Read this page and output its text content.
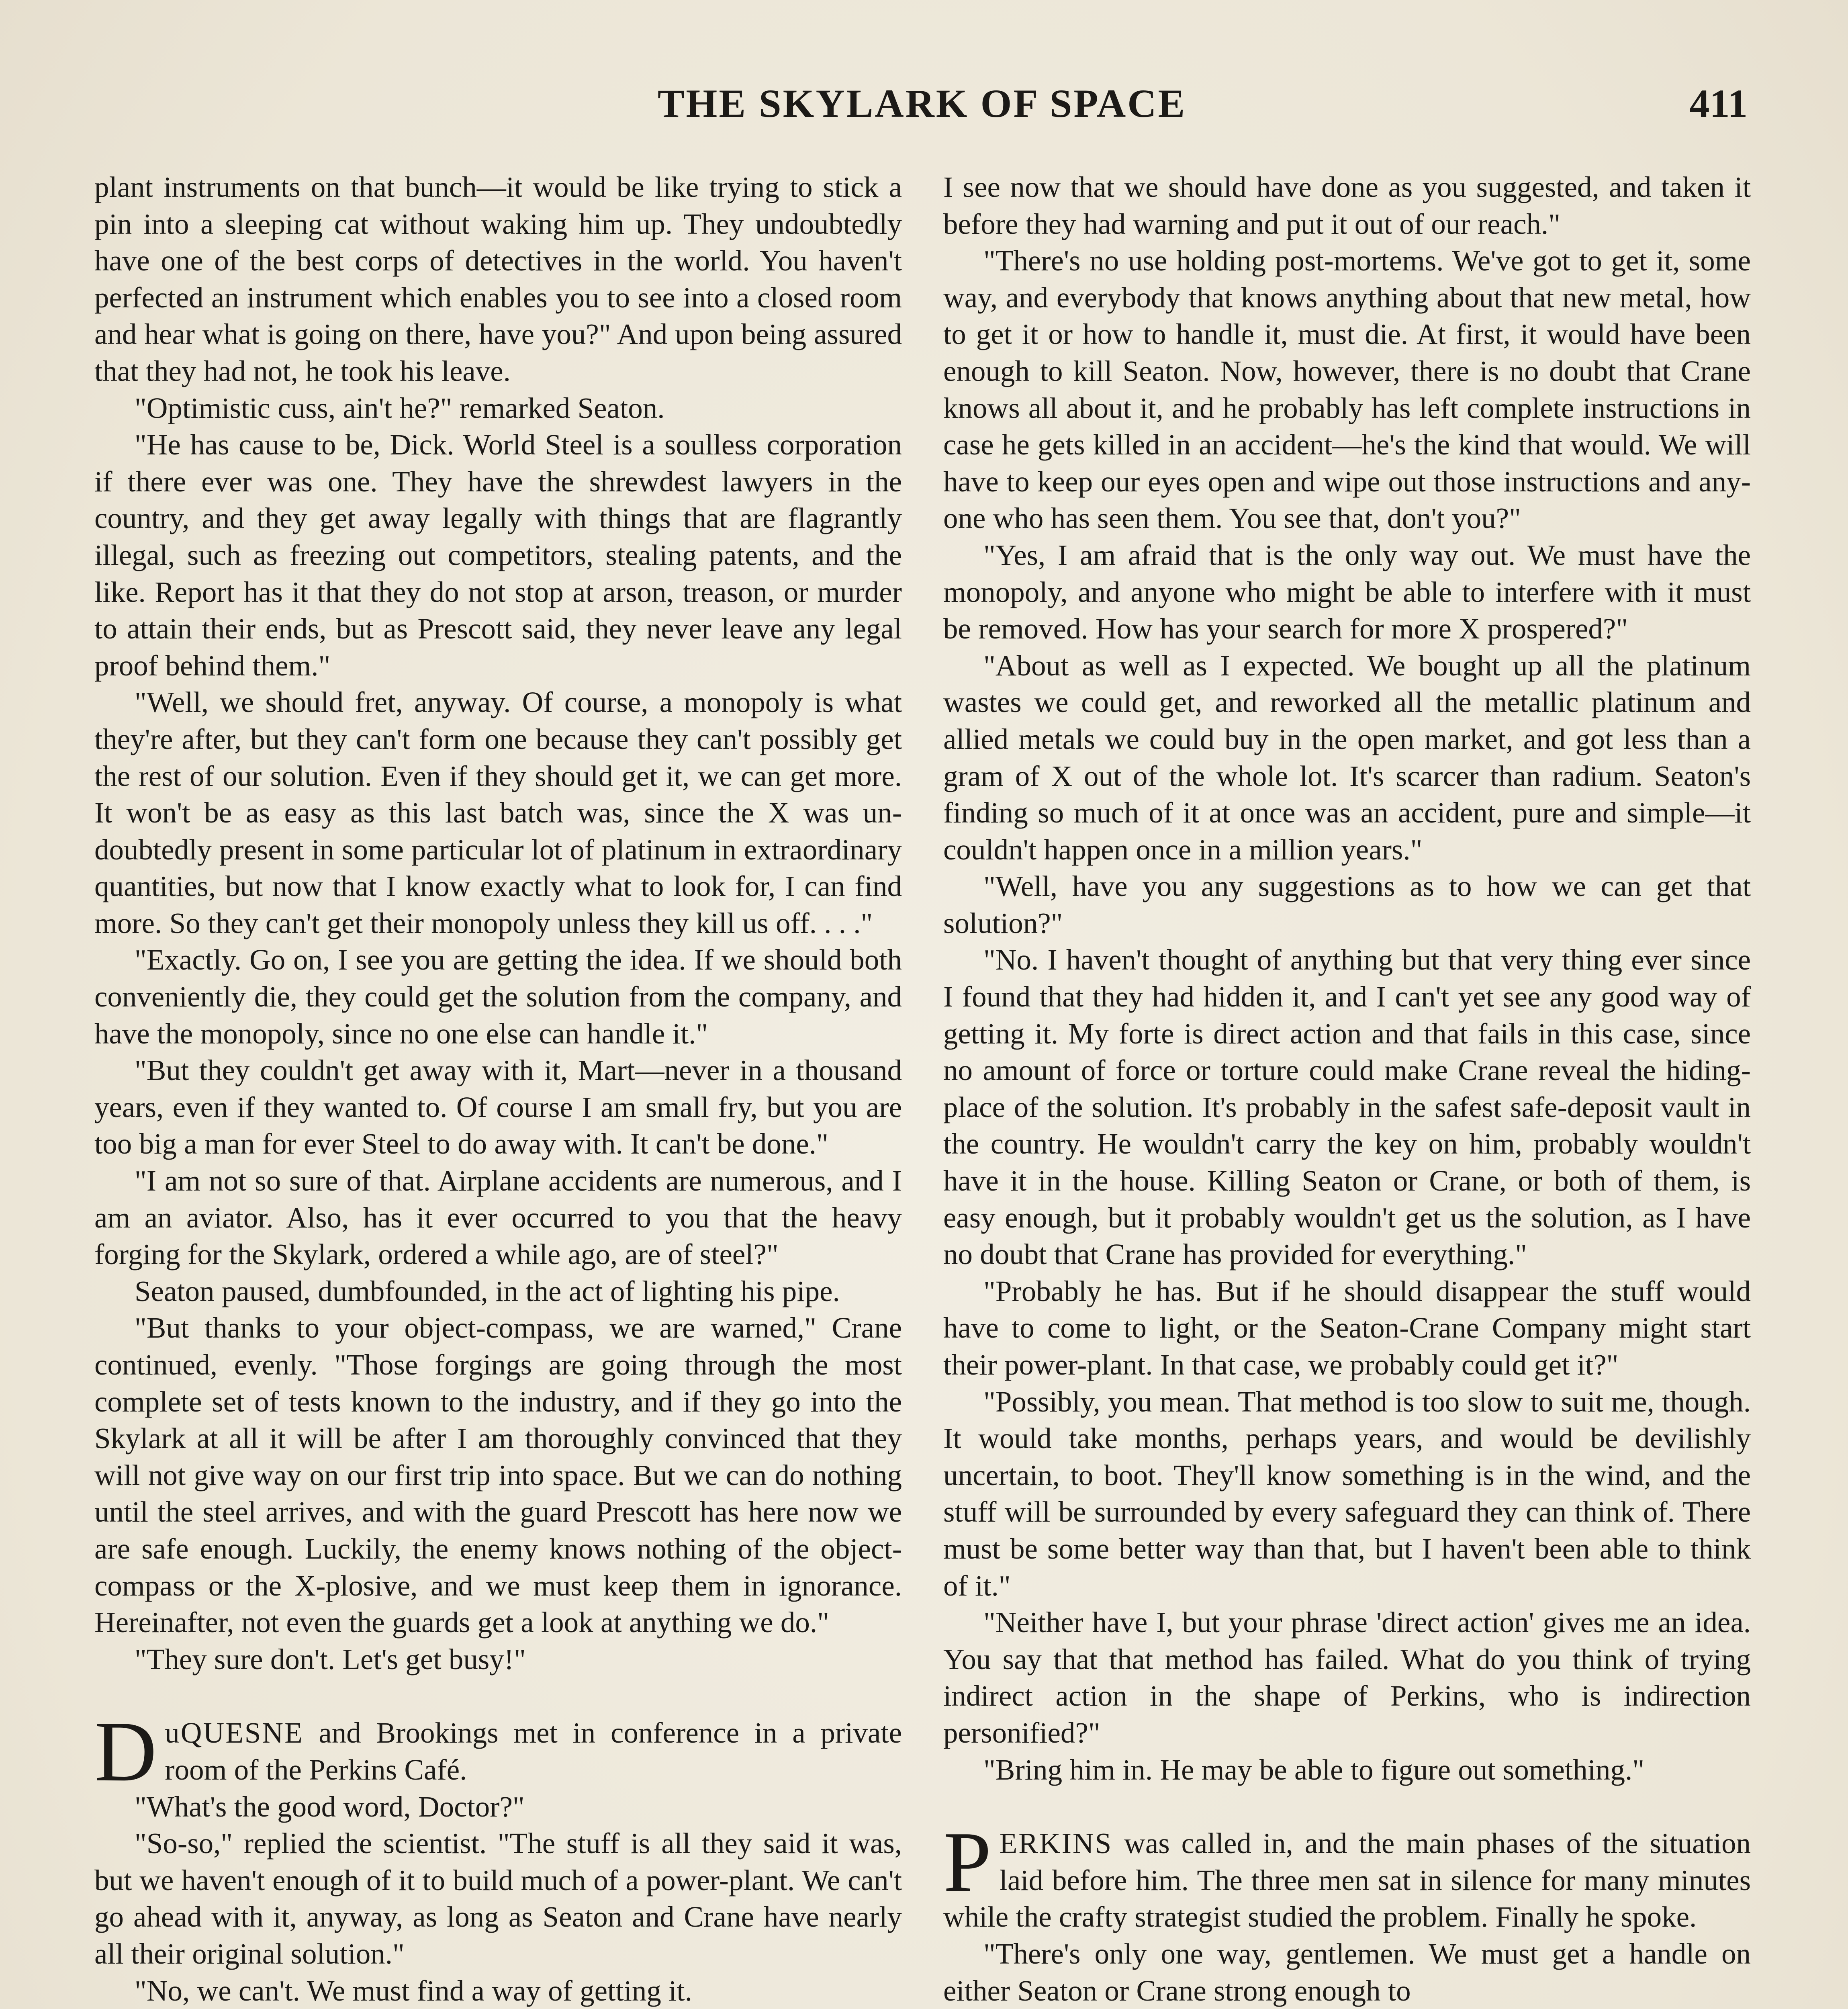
THE SKYLARK OF SPACE	411

plant instruments on that bunch—it would be like trying to stick a pin into a sleeping cat without waking him up. They undoubtedly have one of the best corps of detectives in the world. You haven't perfected an instrument which enables you to see into a closed room and hear what is going on there, have you?" And upon being assured that they had not, he took his leave.

"Optimistic cuss, ain't he?" remarked Seaton.

"He has cause to be, Dick. World Steel is a soulless corporation if there ever was one. They have the shrewdest lawyers in the country, and they get away legally with things that are flagrantly illegal, such as freezing out competitors, stealing patents, and the like. Report has it that they do not stop at arson, treason, or murder to attain their ends, but as Prescott said, they never leave any legal proof behind them."

"Well, we should fret, anyway. Of course, a monopoly is what they're after, but they can't form one because they can't possibly get the rest of our solution. Even if they should get it, we can get more. It won't be as easy as this last batch was, since the X was undoubtedly present in some particular lot of platinum in extraordinary quantities, but now that I know exactly what to look for, I can find more. So they can't get their monopoly unless they kill us off. . . ."

"Exactly. Go on, I see you are getting the idea. If we should both conveniently die, they could get the solution from the company, and have the monopoly, since no one else can handle it."

"But they couldn't get away with it, Mart—never in a thousand years, even if they wanted to. Of course I am small fry, but you are too big a man for ever Steel to do away with. It can't be done."

"I am not so sure of that. Airplane accidents are numerous, and I am an aviator. Also, has it ever occurred to you that the heavy forging for the Skylark, ordered a while ago, are of steel?"

Seaton paused, dumbfounded, in the act of lighting his pipe.

"But thanks to your object-compass, we are warned," Crane continued, evenly. "Those forgings are going through the most complete set of tests known to the industry, and if they go into the Skylark at all it will be after I am thoroughly convinced that they will not give way on our first trip into space. But we can do nothing until the steel arrives, and with the guard Prescott has here now we are safe enough. Luckily, the enemy knows nothing of the object-compass or the X-plosive, and we must keep them in ignorance. Hereinafter, not even the guards get a look at anything we do."

"They sure don't. Let's get busy!"

DuQUESNE and Brookings met in conference in a private room of the Perkins Café.

"What's the good word, Doctor?"

"So-so," replied the scientist. "The stuff is all they said it was, but we haven't enough of it to build much of a power-plant. We can't go ahead with it, anyway, as long as Seaton and Crane have nearly all their original solution."

"No, we can't. We must find a way of getting it.

I see now that we should have done as you suggested, and taken it before they had warning and put it out of our reach."

"There's no use holding post-mortems. We've got to get it, some way, and everybody that knows anything about that new metal, how to get it or how to handle it, must die. At first, it would have been enough to kill Seaton. Now, however, there is no doubt that Crane knows all about it, and he probably has left complete instructions in case he gets killed in an accident—he's the kind that would. We will have to keep our eyes open and wipe out those instructions and anyone who has seen them. You see that, don't you?"

"Yes, I am afraid that is the only way out. We must have the monopoly, and anyone who might be able to interfere with it must be removed. How has your search for more X prospered?"

"About as well as I expected. We bought up all the platinum wastes we could get, and reworked all the metallic platinum and allied metals we could buy in the open market, and got less than a gram of X out of the whole lot. It's scarcer than radium. Seaton's finding so much of it at once was an accident, pure and simple—it couldn't happen once in a million years."

"Well, have you any suggestions as to how we can get that solution?"

"No. I haven't thought of anything but that very thing ever since I found that they had hidden it, and I can't yet see any good way of getting it. My forte is direct action and that fails in this case, since no amount of force or torture could make Crane reveal the hiding-place of the solution. It's probably in the safest safe-deposit vault in the country. He wouldn't carry the key on him, probably wouldn't have it in the house. Killing Seaton or Crane, or both of them, is easy enough, but it probably wouldn't get us the solution, as I have no doubt that Crane has provided for everything."

"Probably he has. But if he should disappear the stuff would have to come to light, or the Seaton-Crane Company might start their power-plant. In that case, we probably could get it?"

"Possibly, you mean. That method is too slow to suit me, though. It would take months, perhaps years, and would be devilishly uncertain, to boot. They'll know something is in the wind, and the stuff will be surrounded by every safeguard they can think of. There must be some better way than that, but I haven't been able to think of it."

"Neither have I, but your phrase 'direct action' gives me an idea. You say that that method has failed. What do you think of trying indirect action in the shape of Perkins, who is indirection personified?"

"Bring him in. He may be able to figure out something."

PERKINS was called in, and the main phases of the situation laid before him. The three men sat in silence for many minutes while the crafty strategist studied the problem. Finally he spoke.

"There's only one way, gentlemen. We must get a handle on either Seaton or Crane strong enough to
